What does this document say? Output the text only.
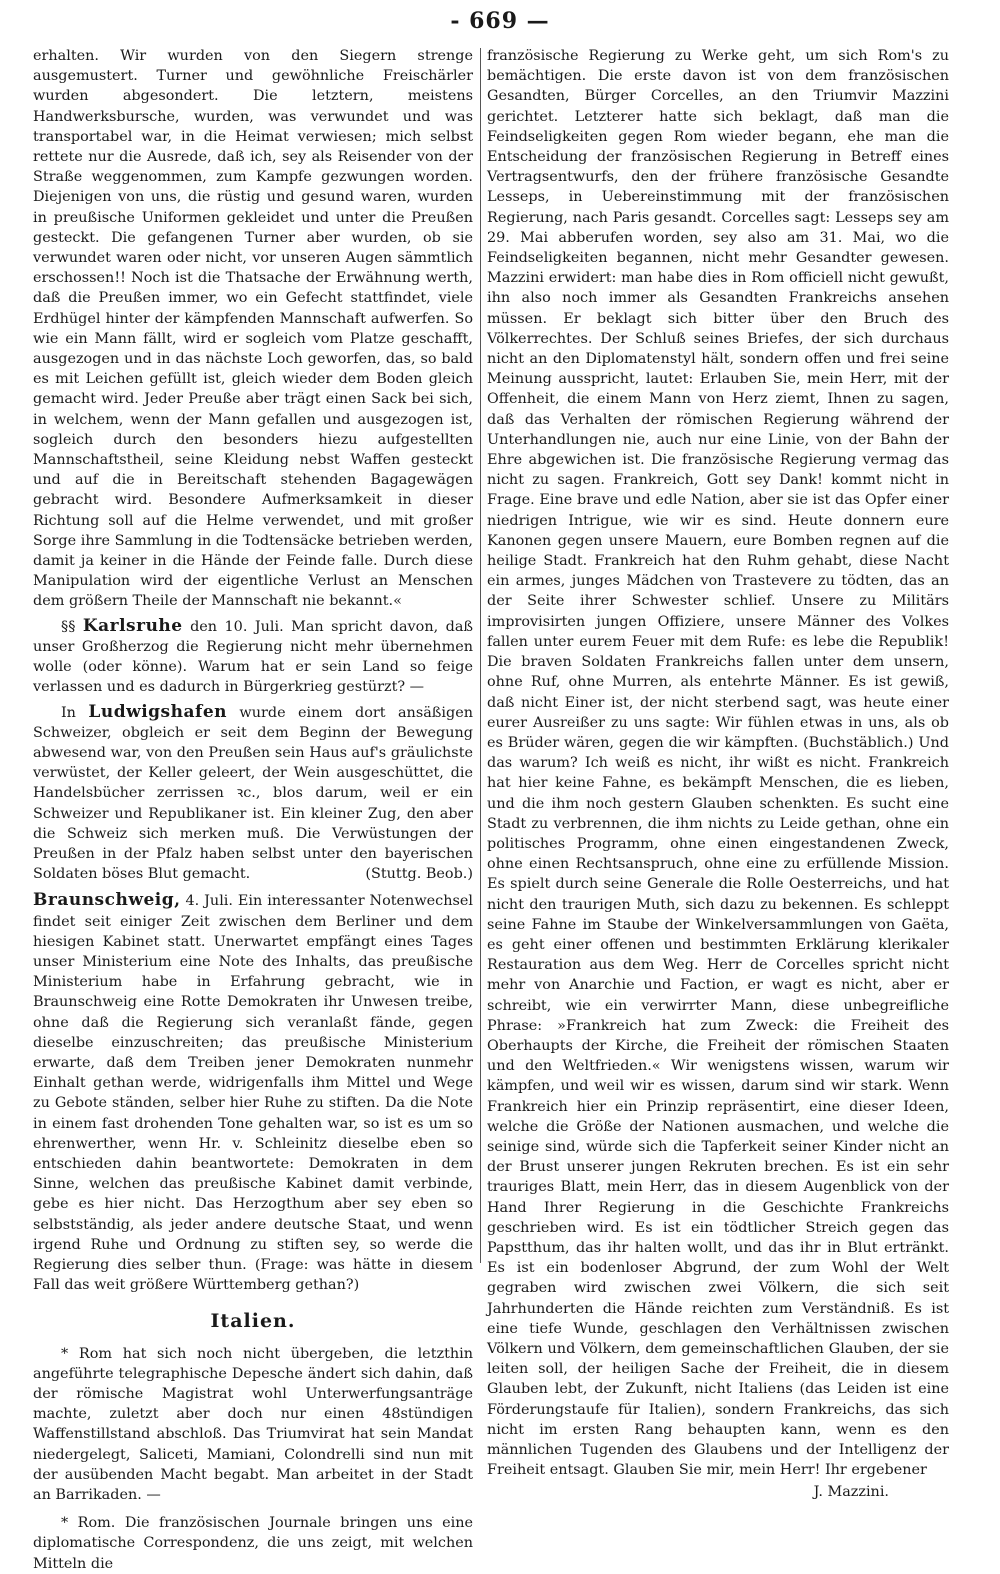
- 669 —

erhalten. Wir wurden von den Siegern strenge ausgemustert. Turner und gewöhnliche Freischärler wurden abgesondert. Die letztern, meistens Handwerksbursche, wurden, was verwundet und was transportabel war, in die Heimat verwiesen; mich selbst rettete nur die Ausrede, daß ich, sey als Reisender von der Straße weggenommen, zum Kampfe gezwungen worden. Diejenigen von uns, die rüstig und gesund waren, wurden in preußische Uniformen gekleidet und unter die Preußen gesteckt. Die gefangenen Turner aber wurden, ob sie verwundet waren oder nicht, vor unseren Augen sämmtlich erschossen!! Noch ist die Thatsache der Erwähnung werth, daß die Preußen immer, wo ein Gefecht stattfindet, viele Erdhügel hinter der kämpfenden Mannschaft aufwerfen. So wie ein Mann fällt, wird er sogleich vom Platze geschafft, ausgezogen und in das nächste Loch geworfen, das, so bald es mit Leichen gefüllt ist, gleich wieder dem Boden gleich gemacht wird. Jeder Preuße aber trägt einen Sack bei sich, in welchem, wenn der Mann gefallen und ausgezogen ist, sogleich durch den besonders hiezu aufgestellten Mannschaftstheil, seine Kleidung nebst Waffen gesteckt und auf die in Bereitschaft stehenden Bagagewägen gebracht wird. Besondere Aufmerksamkeit in dieser Richtung soll auf die Helme verwendet, und mit großer Sorge ihre Sammlung in die Todtensäcke betrieben werden, damit ja keiner in die Hände der Feinde falle. Durch diese Manipulation wird der eigentliche Verlust an Menschen dem größern Theile der Mannschaft nie bekannt.«

§§ Karlsruhe den 10. Juli. Man spricht davon, daß unser Großherzog die Regierung nicht mehr übernehmen wolle (oder könne). Warum hat er sein Land so feige verlassen und es dadurch in Bürgerkrieg gestürzt? —

In Ludwigshafen wurde einem dort ansäßigen Schweizer, obgleich er seit dem Beginn der Bewegung abwesend war, von den Preußen sein Haus auf's gräulichste verwüstet, der Keller geleert, der Wein ausgeschüttet, die Handelsbücher zerrissen ꝛc., blos darum, weil er ein Schweizer und Republikaner ist. Ein kleiner Zug, den aber die Schweiz sich merken muß. Die Verwüstungen der Preußen in der Pfalz haben selbst unter den bayerischen Soldaten böses Blut gemacht.	(Stuttg. Beob.)

Braunschweig, 4. Juli. Ein interessanter Notenwechsel findet seit einiger Zeit zwischen dem Berliner und dem hiesigen Kabinet statt. Unerwartet empfängt eines Tages unser Ministerium eine Note des Inhalts, das preußische Ministerium habe in Erfahrung gebracht, wie in Braunschweig eine Rotte Demokraten ihr Unwesen treibe, ohne daß die Regierung sich veranlaßt fände, gegen dieselbe einzuschreiten; das preußische Ministerium erwarte, daß dem Treiben jener Demokraten nunmehr Einhalt gethan werde, widrigenfalls ihm Mittel und Wege zu Gebote ständen, selber hier Ruhe zu stiften. Da die Note in einem fast drohenden Tone gehalten war, so ist es um so ehrenwerther, wenn Hr. v. Schleinitz dieselbe eben so entschieden dahin beantwortete: Demokraten in dem Sinne, welchen das preußische Kabinet damit verbinde, gebe es hier nicht. Das Herzogthum aber sey eben so selbstständig, als jeder andere deutsche Staat, und wenn irgend Ruhe und Ordnung zu stiften sey, so werde die Regierung dies selber thun. (Frage: was hätte in diesem Fall das weit größere Württemberg gethan?)

Italien.

* Rom hat sich noch nicht übergeben, die letzthin angeführte telegraphische Depesche ändert sich dahin, daß der römische Magistrat wohl Unterwerfungsanträge machte, zuletzt aber doch nur einen 48stündigen Waffenstillstand abschloß. Das Triumvirat hat sein Mandat niedergelegt, Saliceti, Mamiani, Colondrelli sind nun mit der ausübenden Macht begabt. Man arbeitet in der Stadt an Barrikaden. —

* Rom. Die französischen Journale bringen uns eine diplomatische Correspondenz, die uns zeigt, mit welchen Mitteln die

französische Regierung zu Werke geht, um sich Rom's zu bemächtigen. Die erste davon ist von dem französischen Gesandten, Bürger Corcelles, an den Triumvir Mazzini gerichtet. Letzterer hatte sich beklagt, daß man die Feindseligkeiten gegen Rom wieder begann, ehe man die Entscheidung der französischen Regierung in Betreff eines Vertragsentwurfs, den der frühere französische Gesandte Lesseps, in Uebereinstimmung mit der französischen Regierung, nach Paris gesandt. Corcelles sagt: Lesseps sey am 29. Mai abberufen worden, sey also am 31. Mai, wo die Feindseligkeiten begannen, nicht mehr Gesandter gewesen. Mazzini erwidert: man habe dies in Rom officiell nicht gewußt, ihn also noch immer als Gesandten Frankreichs ansehen müssen. Er beklagt sich bitter über den Bruch des Völkerrechtes. Der Schluß seines Briefes, der sich durchaus nicht an den Diplomatenstyl hält, sondern offen und frei seine Meinung ausspricht, lautet: Erlauben Sie, mein Herr, mit der Offenheit, die einem Mann von Herz ziemt, Ihnen zu sagen, daß das Verhalten der römischen Regierung während der Unterhandlungen nie, auch nur eine Linie, von der Bahn der Ehre abgewichen ist. Die französische Regierung vermag das nicht zu sagen. Frankreich, Gott sey Dank! kommt nicht in Frage. Eine brave und edle Nation, aber sie ist das Opfer einer niedrigen Intrigue, wie wir es sind. Heute donnern eure Kanonen gegen unsere Mauern, eure Bomben regnen auf die heilige Stadt. Frankreich hat den Ruhm gehabt, diese Nacht ein armes, junges Mädchen von Trastevere zu tödten, das an der Seite ihrer Schwester schlief. Unsere zu Militärs improvisirten jungen Offiziere, unsere Männer des Volkes fallen unter eurem Feuer mit dem Rufe: es lebe die Republik! Die braven Soldaten Frankreichs fallen unter dem unsern, ohne Ruf, ohne Murren, als entehrte Männer. Es ist gewiß, daß nicht Einer ist, der nicht sterbend sagt, was heute einer eurer Ausreißer zu uns sagte: Wir fühlen etwas in uns, als ob es Brüder wären, gegen die wir kämpften. (Buchstäblich.) Und das warum? Ich weiß es nicht, ihr wißt es nicht. Frankreich hat hier keine Fahne, es bekämpft Menschen, die es lieben, und die ihm noch gestern Glauben schenkten. Es sucht eine Stadt zu verbrennen, die ihm nichts zu Leide gethan, ohne ein politisches Programm, ohne einen eingestandenen Zweck, ohne einen Rechtsanspruch, ohne eine zu erfüllende Mission. Es spielt durch seine Generale die Rolle Oesterreichs, und hat nicht den traurigen Muth, sich dazu zu bekennen. Es schleppt seine Fahne im Staube der Winkelversammlungen von Gaëta, es geht einer offenen und bestimmten Erklärung klerikaler Restauration aus dem Weg. Herr de Corcelles spricht nicht mehr von Anarchie und Faction, er wagt es nicht, aber er schreibt, wie ein verwirrter Mann, diese unbegreifliche Phrase: »Frankreich hat zum Zweck: die Freiheit des Oberhaupts der Kirche, die Freiheit der römischen Staaten und den Weltfrieden.« Wir wenigstens wissen, warum wir kämpfen, und weil wir es wissen, darum sind wir stark. Wenn Frankreich hier ein Prinzip repräsentirt, eine dieser Ideen, welche die Größe der Nationen ausmachen, und welche die seinige sind, würde sich die Tapferkeit seiner Kinder nicht an der Brust unserer jungen Rekruten brechen. Es ist ein sehr trauriges Blatt, mein Herr, das in diesem Augenblick von der Hand Ihrer Regierung in die Geschichte Frankreichs geschrieben wird. Es ist ein tödtlicher Streich gegen das Papstthum, das ihr halten wollt, und das ihr in Blut ertränkt. Es ist ein bodenloser Abgrund, der zum Wohl der Welt gegraben wird zwischen zwei Völkern, die sich seit Jahrhunderten die Hände reichten zum Verständniß. Es ist eine tiefe Wunde, geschlagen den Verhältnissen zwischen Völkern und Völkern, dem gemeinschaftlichen Glauben, der sie leiten soll, der heiligen Sache der Freiheit, die in diesem Glauben lebt, der Zukunft, nicht Italiens (das Leiden ist eine Förderungstaufe für Italien), sondern Frankreichs, das sich nicht im ersten Rang behaupten kann, wenn es den männlichen Tugenden des Glaubens und der Intelligenz der Freiheit entsagt. Glauben Sie mir, mein Herr! Ihr ergebener

J. Mazzini.
